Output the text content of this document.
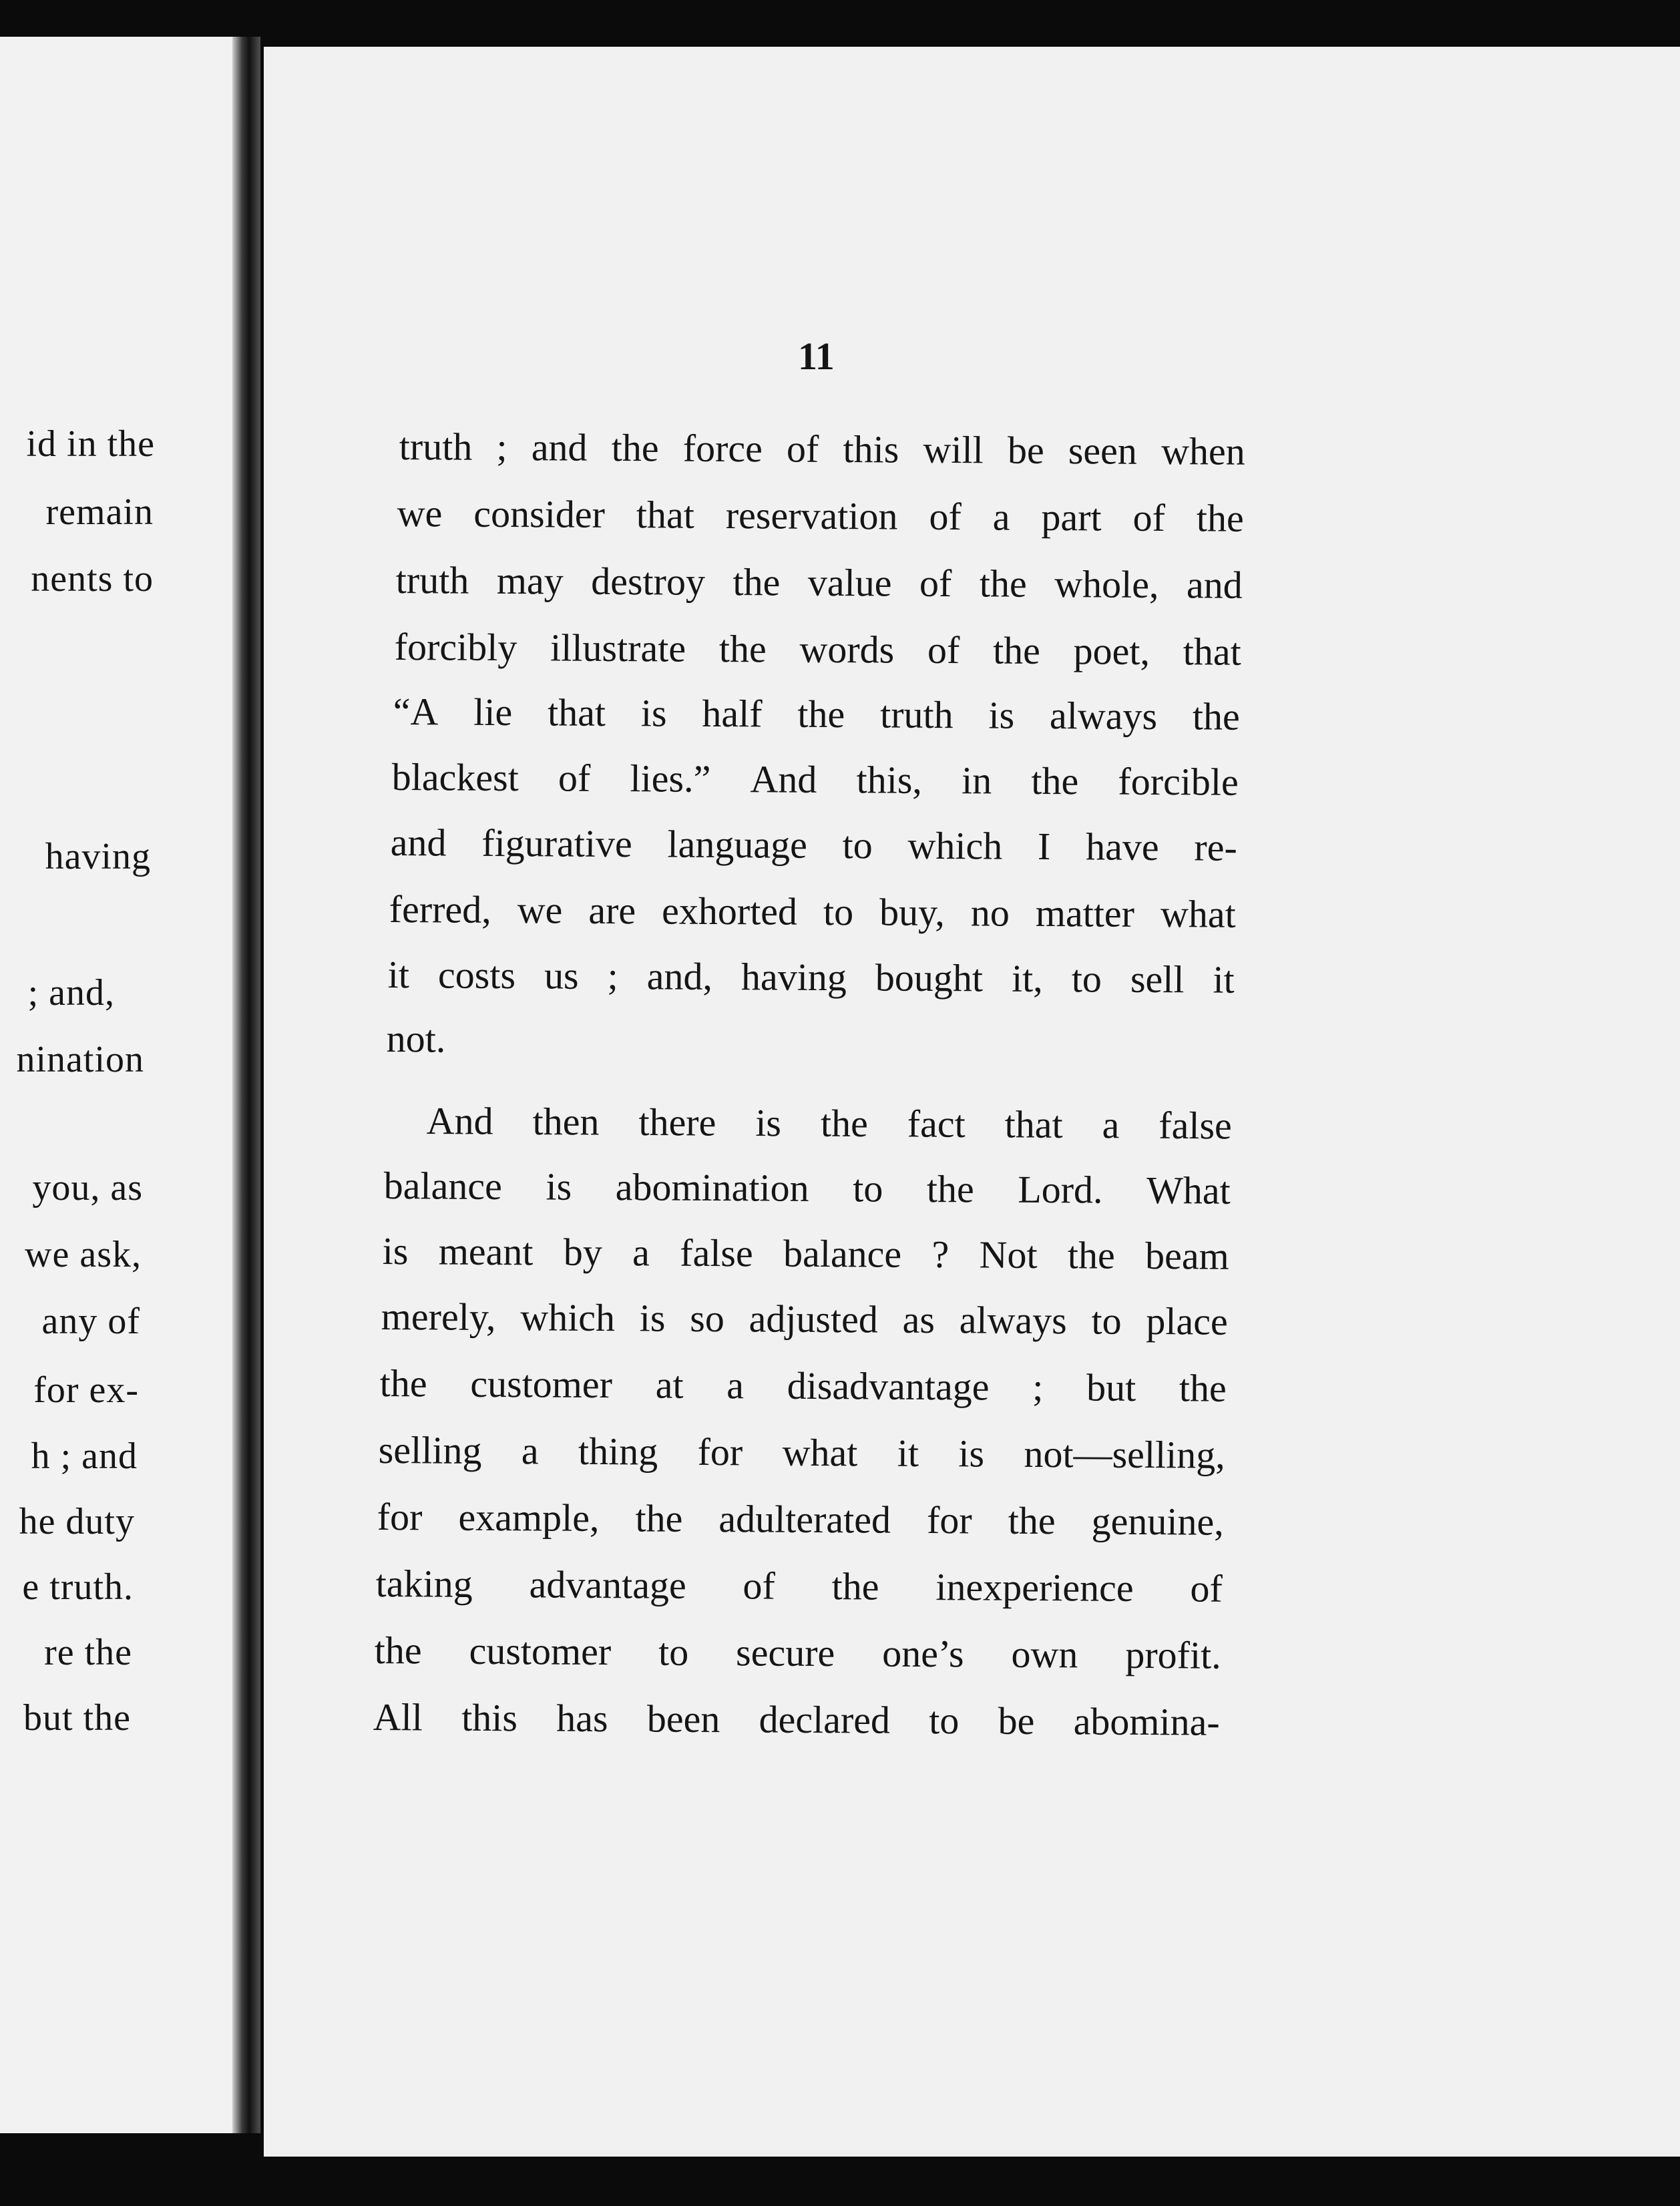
id in the
remain
nents to
having
; and,
nination
you, as
we ask,
any of
for ex-
h ; and
he duty
e truth.
re the
but the
11
truth ; and the force of this will be seen when
we consider that reservation of a part of the
truth may destroy the value of the whole, and
forcibly illustrate the words of the poet, that
“A lie that is half the truth is always the
blackest of lies.” And this, in the forcible
and figurative language to which I have re-
ferred, we are exhorted to buy, no matter what
it costs us ; and, having bought it, to sell it
not.
And then there is the fact that a false
balance is abomination to the Lord. What
is meant by a false balance ? Not the beam
merely, which is so adjusted as always to place
the customer at a disadvantage ; but the
selling a thing for what it is not—selling,
for example, the adulterated for the genuine,
taking advantage of the inexperience of
the customer to secure one’s own profit.
All this has been declared to be abomina-
